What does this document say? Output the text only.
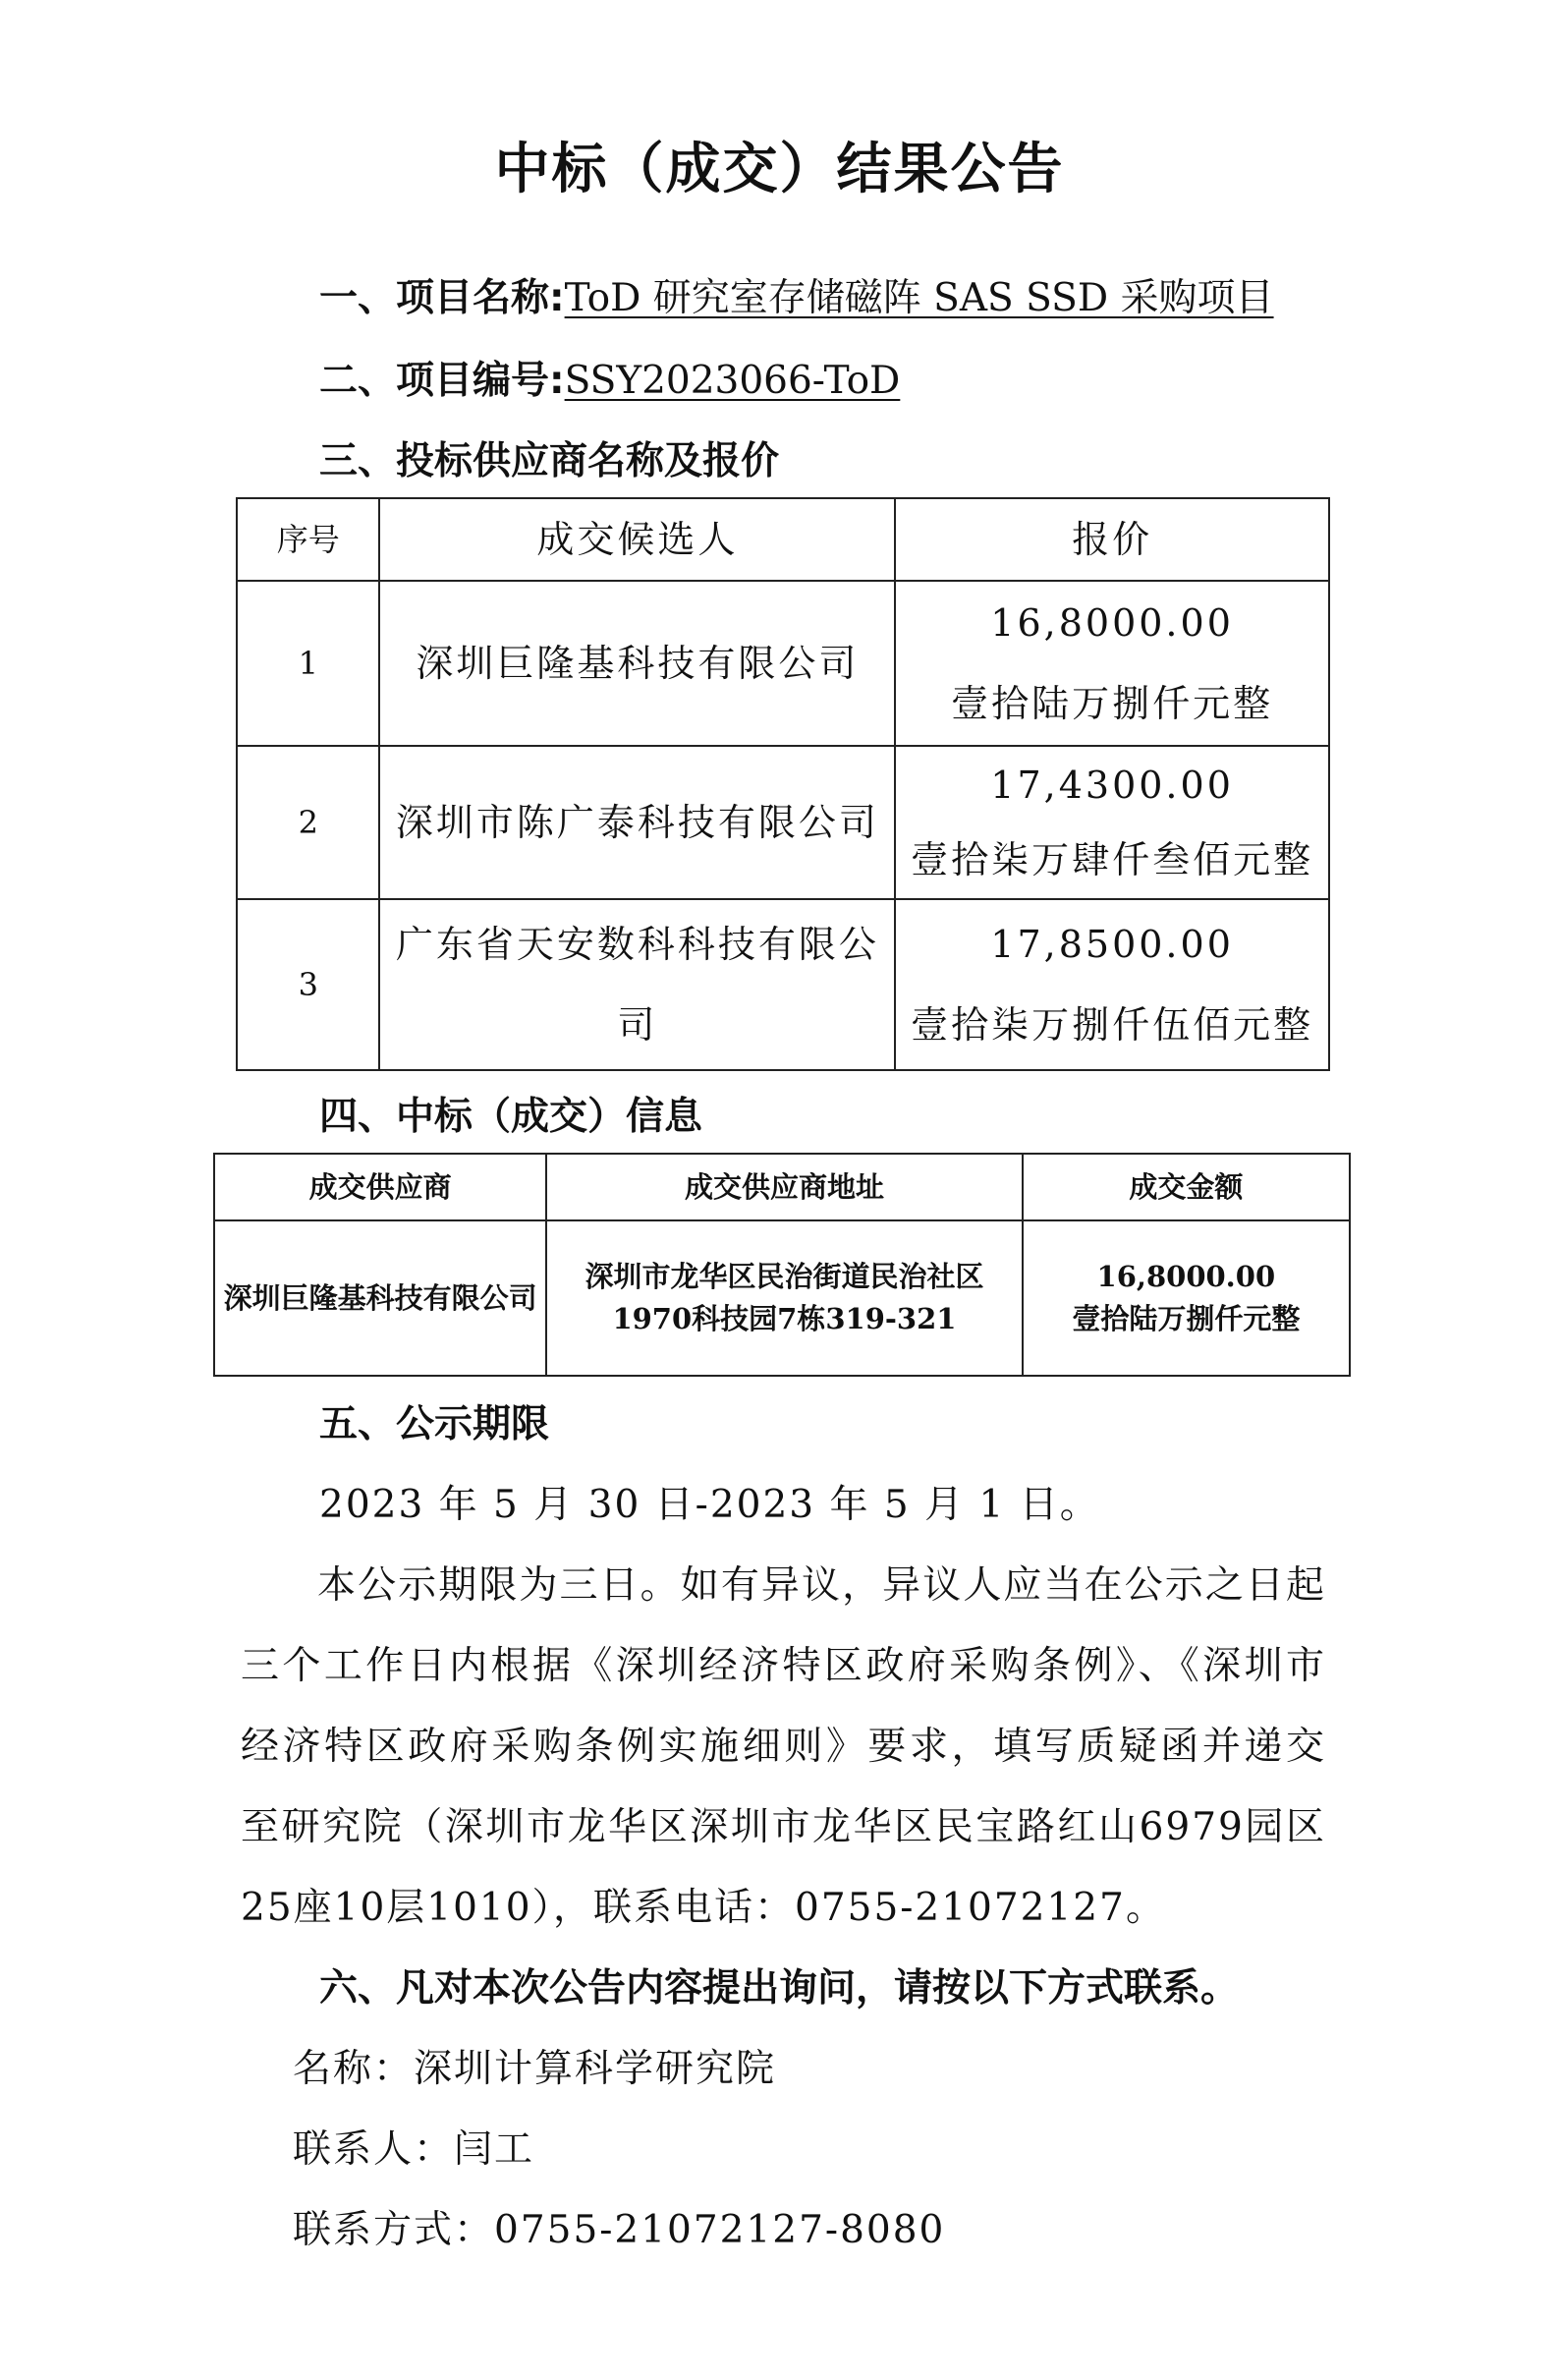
中标（成交）结果公告
一、项目名称:ToD 研究室存储磁阵 SAS SSD 采购项目
二、项目编号:SSY2023066-ToD
三、投标供应商名称及报价
序号	成交候选人	报价
1	深圳巨隆基科技有限公司	16,8000.00
壹拾陆万捌仟元整

2	深圳市陈广泰科技有限公司	17,4300.00
壹拾柒万肆仟叁佰元整

3	广东省天安数科科技有限公司	17,8500.00
壹拾柒万捌仟伍佰元整
四、中标（成交）信息
成交供应商	成交供应商地址	成交金额
深圳巨隆基科技有限公司	深圳市龙华区民治街道民治社区1970科技园7栋319-321	16,8000.00
壹拾陆万捌仟元整
五、公示期限

2023 年 5 月 30 日-2023 年 5 月 1 日。

本公示期限为三日。如有异议，异议人应当在公示之日起三个工作日内根据《深圳经济特区政府采购条例》、《深圳市经济特区政府采购条例实施细则》要求，填写质疑函并递交至研究院（深圳市龙华区深圳市龙华区民宝路红山6979园区25座10层1010），联系电话：0755-21072127。

六、凡对本次公告内容提出询问，请按以下方式联系。

名称：深圳计算科学研究院

联系人：闫工

联系方式：0755-21072127-8080
